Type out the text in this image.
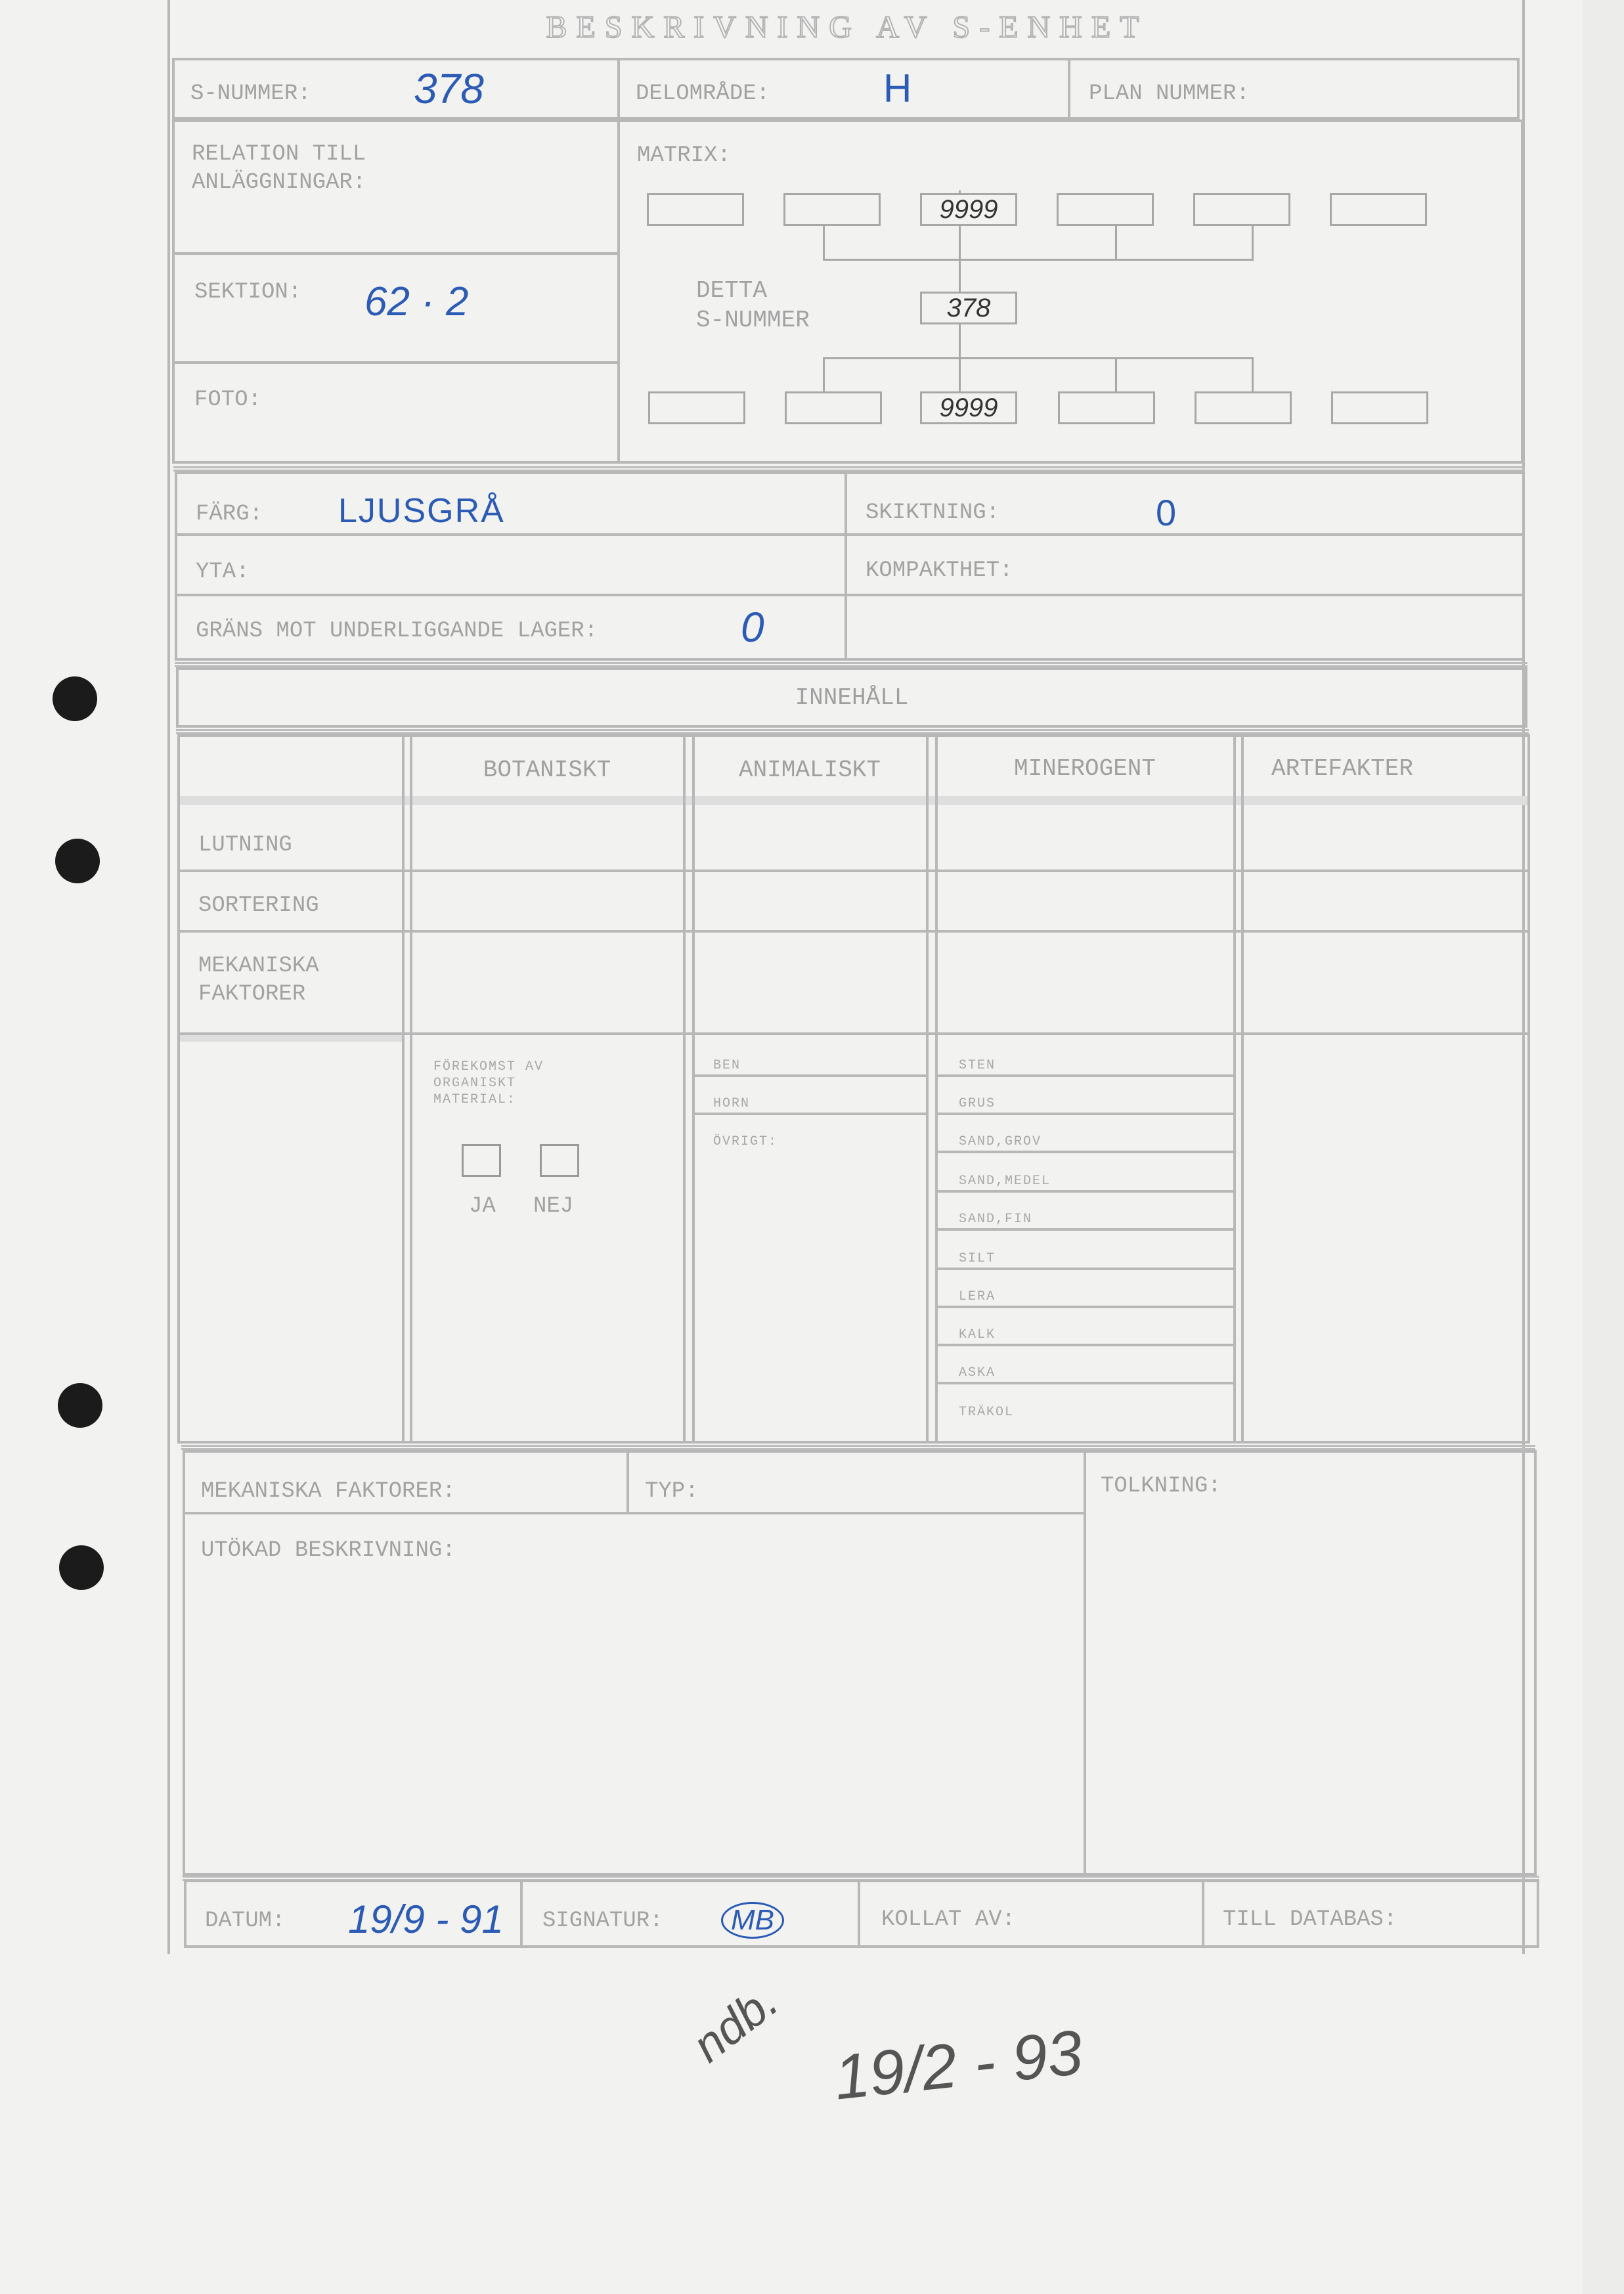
BESKRIVNING AV S-ENHET
S-NUMMER: 378	DELOMRÅDE:	H	PLAN NUMMER:
RELATION TILL
ANLÄGGNINGAR:
SEKTION: 62 · 2
FOTO:
MATRIX:
9999
DETTA
S-NUMMER	378
9999
FÄRG: LJUSGRÅ	SKIKTNING:	0
YTA:	KOMPAKTHET:
GRÄNS MOT UNDERLIGGANDE LAGER:	0
INNEHÅLL
BOTANISKT	ANIMALISKT	MINEROGENT	ARTEFAKTER
LUTNING
SORTERING
MEKANISKA
FAKTORER
FÖREKOMST AV
ORGANISKT
MATERIAL:
JA NEJ
BEN
HORN
ÖVRIGT:
STEN
GRUS
SAND,GROV
SAND,MEDEL
SAND,FIN
SILT
LERA
KALK
ASKA
TRÄKOL
MEKANISKA FAKTORER:	TYP:	TOLKNING:
UTÖKAD BESKRIVNING:
DATUM: 19/9 - 91 SIGNATUR:	MB	KOLLAT AV:	TILL DATABAS:
ndb. 19/2 - 93
